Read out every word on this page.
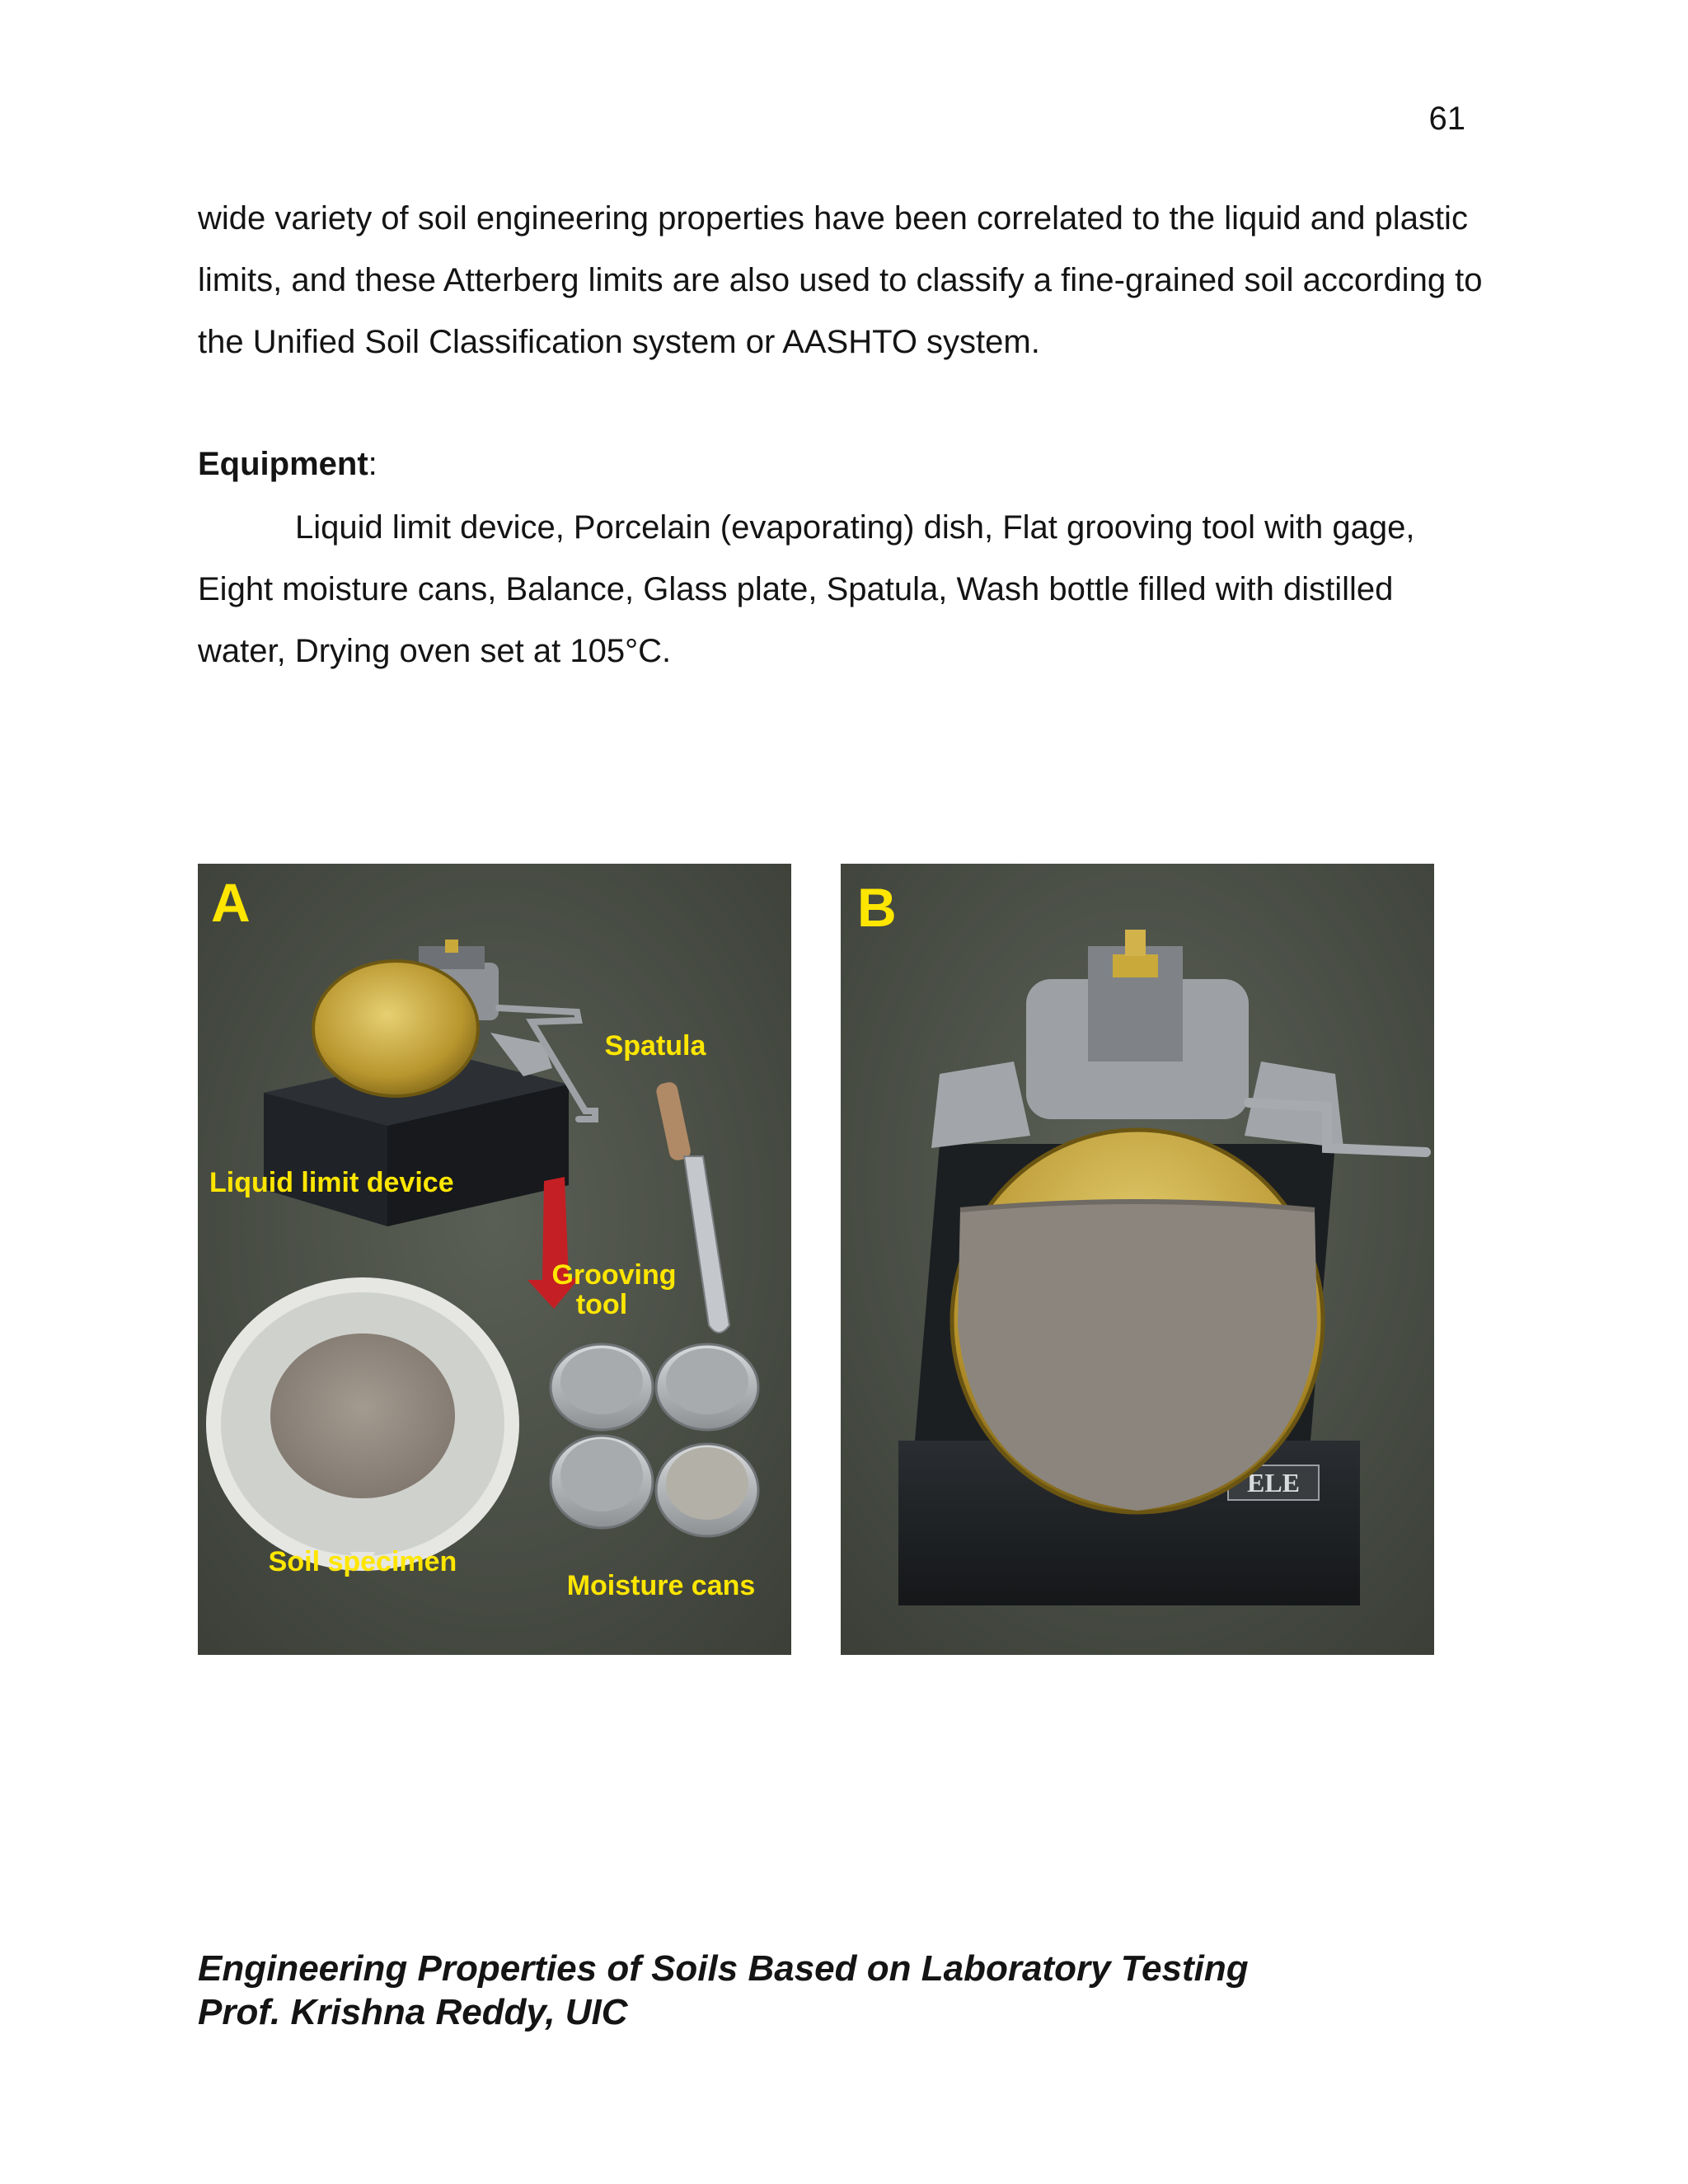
61
wide variety of soil engineering properties have been correlated to the liquid and plastic limits, and these Atterberg limits are also used to classify a fine-grained soil according to the Unified Soil Classification system or AASHTO system.
Equipment:
Liquid limit device, Porcelain (evaporating) dish, Flat grooving tool with gage, Eight moisture cans, Balance, Glass plate, Spatula, Wash bottle filled with distilled water, Drying oven set at 105°C.
A
Spatula
Liquid limit device
Grooving
tool
Soil specimen
Moisture cans
ELE
B
Engineering Properties of Soils Based on Laboratory Testing
Prof. Krishna Reddy, UIC
